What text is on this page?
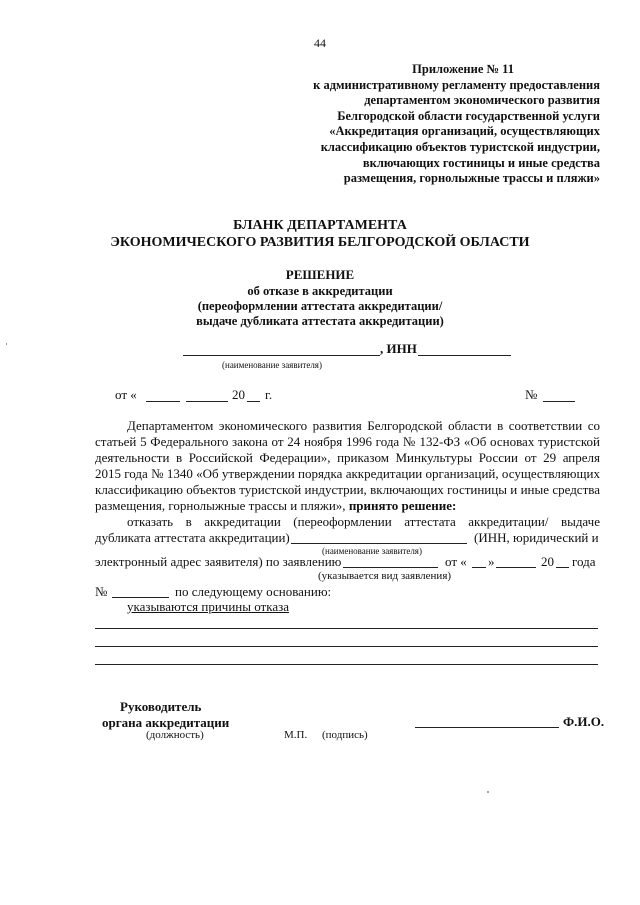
44
Приложение № 11
к административному регламенту предоставления
департаментом экономического развития
Белгородской области государственной услуги
«Аккредитация организаций, осуществляющих
классификацию объектов туристской индустрии,
включающих гостиницы и иные средства
размещения, горнолыжные трассы и пляжи»
БЛАНК ДЕПАРТАМЕНТА
ЭКОНОМИЧЕСКОГО РАЗВИТИЯ БЕЛГОРОДСКОЙ ОБЛАСТИ
РЕШЕНИЕ
об отказе в аккредитации
(переоформлении аттестата аккредитации/
выдаче дубликата аттестата аккредитации)
, ИНН
(наименование заявителя)
от «	20 г.	№
Департаментом экономического развития Белгородской области в соответствии со
статьей 5 Федерального закона от 24 ноября 1996 года № 132-ФЗ «Об основах туристской
деятельности в Российской Федерации», приказом Минкультуры России от 29 апреля
2015 года № 1340 «Об утверждении порядка аккредитации организаций, осуществляющих
классификацию объектов туристской индустрии, включающих гостиницы и иные средства
размещения, горнолыжные трассы и пляжи», принято решение:
отказать в аккредитации (переоформлении аттестата аккредитации/ выдаче
дубликата аттестата аккредитации)	(ИНН, юридический и
(наименование заявителя)
электронный адрес заявителя) по заявлению	от « »	20 года
(указывается вид заявления)
№	по следующему основанию:
указываются причины отказа
Руководитель
органа аккредитации
(должность)	М.П. (подпись)
Ф.И.О.
